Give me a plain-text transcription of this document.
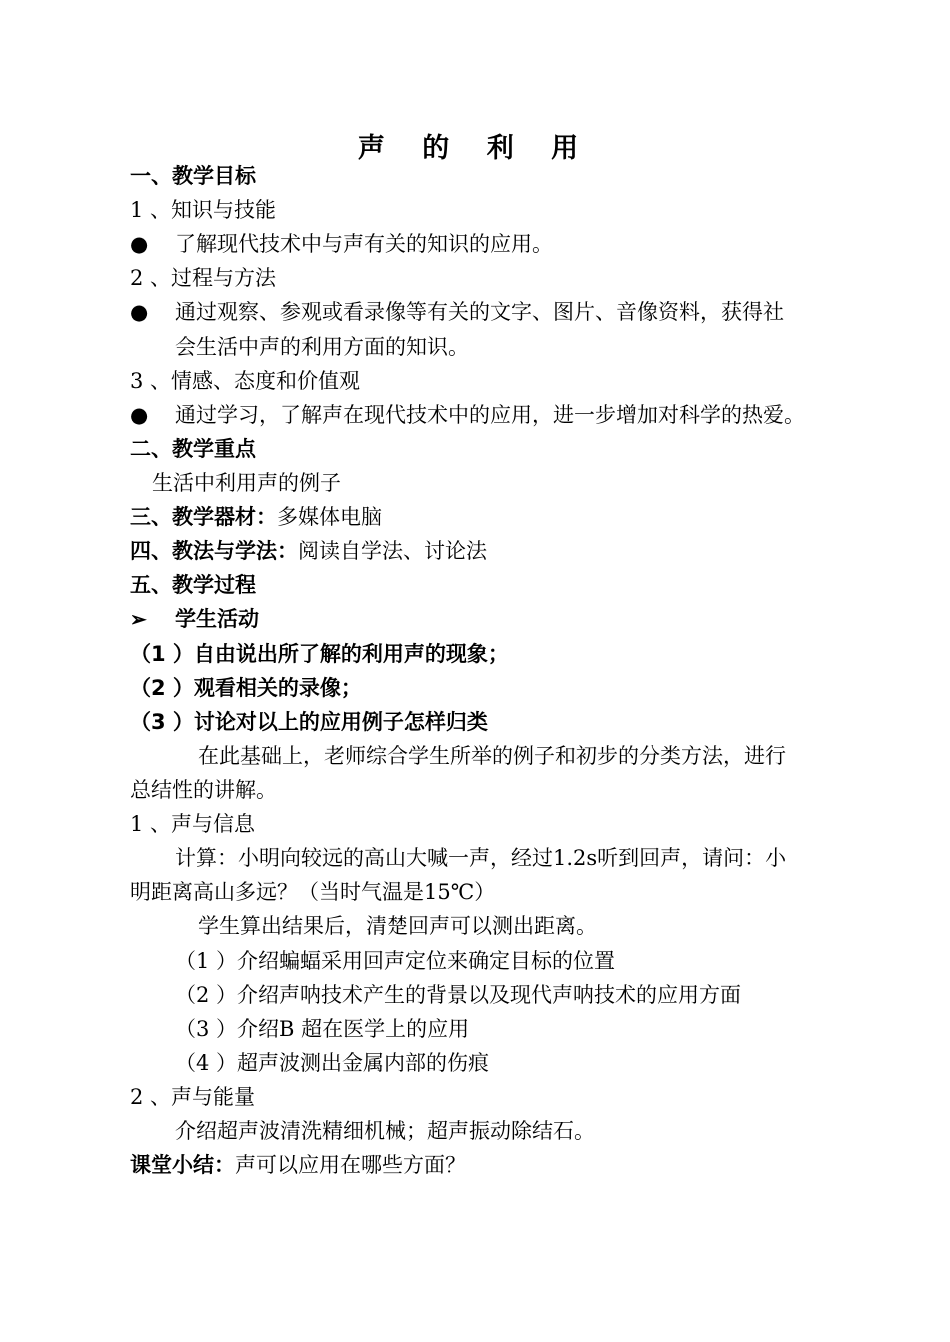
声 的 利 用
一、教学目标
1 、知识与技能
● 了解现代技术中与声有关的知识的应用。
2 、过程与方法
● 通过观察、参观或看录像等有关的文字、图片、音像资料，获得社
会生活中声的利用方面的知识。
3 、情感、态度和价值观
● 通过学习，了解声在现代技术中的应用，进一步增加对科学的热爱。
二、教学重点
生活中利用声的例子
三、教学器材：多媒体电脑
四、教法与学法：阅读自学法、讨论法
五、教学过程
➢ 学生活动
（1 ）自由说出所了解的利用声的现象；
（2 ）观看相关的录像；
（3 ）讨论对以上的应用例子怎样归类
在此基础上，老师综合学生所举的例子和初步的分类方法，进行
总结性的讲解。
1 、声与信息
计算：小明向较远的高山大喊一声，经过1.2s听到回声，请问：小
明距离高山多远？（当时气温是15℃）
学生算出结果后，清楚回声可以测出距离。
（1 ）介绍蝙蝠采用回声定位来确定目标的位置
（2 ）介绍声呐技术产生的背景以及现代声呐技术的应用方面
（3 ）介绍B 超在医学上的应用
（4 ）超声波测出金属内部的伤痕
2 、声与能量
介绍超声波清洗精细机械；超声振动除结石。
课堂小结：声可以应用在哪些方面？
